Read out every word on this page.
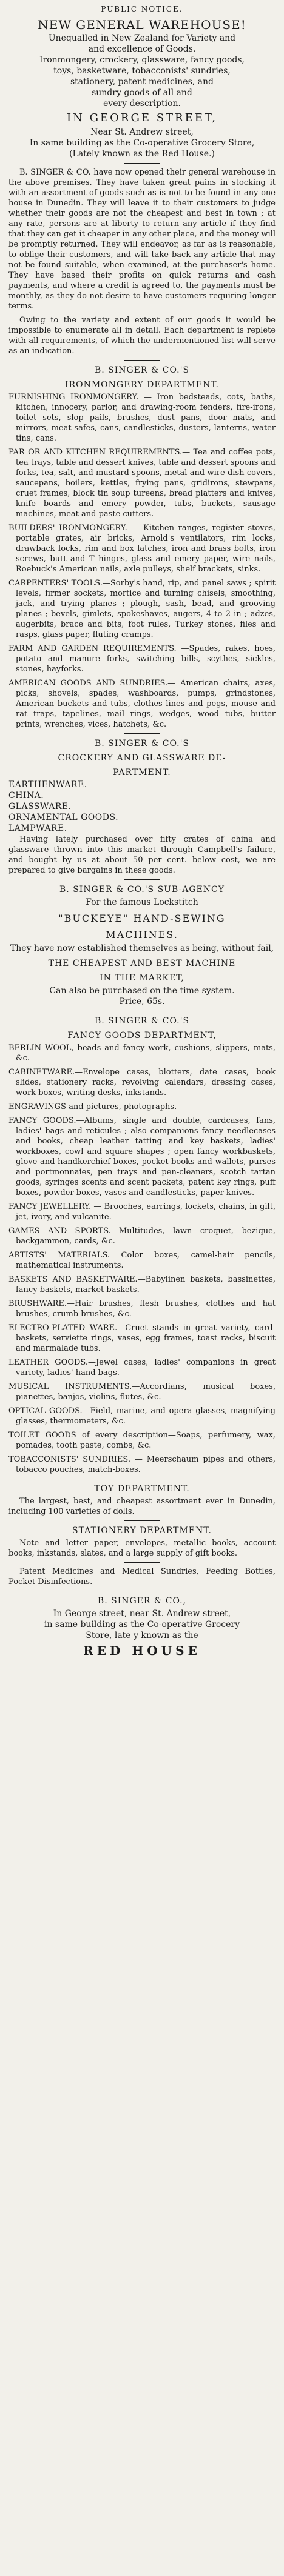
PUBLIC NOTICE.
NEW GENERAL WAREHOUSE!
Unequalled in New Zealand for Variety and
and excellence of Goods.
Ironmongery, crockery, glassware, fancy goods,
toys, basketware, tobacconists' sundries,
stationery, patent medicines, and
sundry goods of all and
every description.
IN GEORGE STREET,
Near St. Andrew street,
In same building as the Co-operative Grocery Store,
(Lately known as the Red House.)

B. SINGER & CO. have now opened their general warehouse in the above premises. They have taken great pains in stocking it with an assortment of goods such as is not to be found in any one house in Dunedin. They will leave it to their customers to judge whether their goods are not the cheapest and best in town ; at any rate, persons are at liberty to return any article if they find that they can get it cheaper in any other place, and the money will be promptly returned. They will endeavor, as far as is reasonable, to oblige their customers, and will take back any article that may not be found suitable, when examined, at the purchaser's home. They have based their profits on quick returns and cash payments, and where a credit is agreed to, the payments must be monthly, as they do not desire to have customers requiring longer terms.

Owing to the variety and extent of our goods it would be impossible to enumerate all in detail. Each department is replete with all requirements, of which the undermentioned list will serve as an indication.

B. SINGER & CO.'S
IRONMONGERY DEPARTMENT.

FURNISHING IRONMONGERY. — Iron bedsteads, cots, baths, kitchen, innocery, parlor, and drawing-room fenders, fire-irons, toilet sets, slop pails, brushes, dust pans, door mats, and mirrors, meat safes, cans, candlesticks, dusters, lanterns, water tins, cans.

PAR OR AND KITCHEN REQUIREMENTS.— Tea and coffee pots, tea trays, table and dessert knives, table and dessert spoons and forks, tea, salt, and mustard spoons, metal and wire dish covers, saucepans, boilers, kettles, frying pans, gridirons, stewpans, cruet frames, block tin soup tureens, bread platters and knives, knife boards and emery powder, tubs, buckets, sausage machines, meat and paste cutters.

BUILDERS' IRONMONGERY. — Kitchen ranges, register stoves, portable grates, air bricks, Arnold's ventilators, rim locks, drawback locks, rim and box latches, iron and brass bolts, iron screws, butt and T hinges, glass and emery paper, wire nails, Roebuck's American nails, axle pulleys, shelf brackets, sinks.

CARPENTERS' TOOLS.—Sorby's hand, rip, and panel saws ; spirit levels, firmer sockets, mortice and turning chisels, smoothing, jack, and trying planes ; plough, sash, bead, and grooving planes ; bevels, gimlets, spokeshaves, augers, 4 to 2 in ; adzes, augerbits, brace and bits, foot rules, Turkey stones, files and rasps, glass paper, fluting cramps.

FARM AND GARDEN REQUIREMENTS. —Spades, rakes, hoes, potato and manure forks, switching bills, scythes, sickles, stones, hayforks.

AMERICAN GOODS AND SUNDRIES.— American chairs, axes, picks, shovels, spades, washboards, pumps, grindstones, American buckets and tubs, clothes lines and pegs, mouse and rat traps, tapelines, mail rings, wedges, wood tubs, butter prints, wrenches, vices, hatchets, &c.

B. SINGER & CO.'S
CROCKERY AND GLASSWARE DE-
PARTMENT.
EARTHENWARE.
CHINA.
GLASSWARE.
ORNAMENTAL GOODS.
LAMPWARE.

Having lately purchased over fifty crates of china and glassware thrown into this market through Campbell's failure, and bought by us at about 50 per cent. below cost, we are prepared to give bargains in these goods.

B. SINGER & CO.'S SUB-AGENCY
For the famous Lockstitch
"BUCKEYE" HAND-SEWING
MACHINES.
They have now established themselves as being, without fail,
THE CHEAPEST AND BEST MACHINE
IN THE MARKET,
Can also be purchased on the time system.
Price, 65s.
B. SINGER & CO.'S
FANCY GOODS DEPARTMENT,

BERLIN WOOL, beads and fancy work, cushions, slippers, mats, &c.

CABINETWARE.—Envelope cases, blotters, date cases, book slides, stationery racks, revolving calendars, dressing cases, work-boxes, writing desks, inkstands.

ENGRAVINGS and pictures, photographs.

FANCY GOODS.—Albums, single and double, cardcases, fans, ladies' bags and reticules ; also companions fancy needlecases and books, cheap leather tatting and key baskets, ladies' workboxes, cowl and square shapes ; open fancy workbaskets, glove and handkerchief boxes, pocket-books and wallets, purses and portmonnaies, pen trays and pen-cleaners, scotch tartan goods, syringes scents and scent packets, patent key rings, puff boxes, powder boxes, vases and candlesticks, paper knives.

FANCY JEWELLERY. — Brooches, earrings, lockets, chains, in gilt, jet, ivory, and vulcanite.

GAMES AND SPORTS.—Multitudes, lawn croquet, bezique, backgammon, cards, &c.

ARTISTS' MATERIALS. Color boxes, camel-hair pencils, mathematical instruments.

BASKETS AND BASKETWARE.—Babylinen baskets, bassinettes, fancy baskets, market baskets.

BRUSHWARE.—Hair brushes, flesh brushes, clothes and hat brushes, crumb brushes, &c.

ELECTRO-PLATED WARE.—Cruet stands in great variety, card-baskets, serviette rings, vases, egg frames, toast racks, biscuit and marmalade tubs.

LEATHER GOODS.—Jewel cases, ladies' companions in great variety, ladies' hand bags.

MUSICAL INSTRUMENTS.—Accordians, musical boxes, pianettes, banjos, violins, flutes, &c.

OPTICAL GOODS.—Field, marine, and opera glasses, magnifying glasses, thermometers, &c.

TOILET GOODS of every description—Soaps, perfumery, wax, pomades, tooth paste, combs, &c.

TOBACCONISTS' SUNDRIES. — Meerschaum pipes and others, tobacco pouches, match-boxes.

TOY DEPARTMENT.

The largest, best, and cheapest assortment ever in Dunedin, including 100 varieties of dolls.

STATIONERY DEPARTMENT.

Note and letter paper, envelopes, metallic books, account books, inkstands, slates, and a large supply of gift books.

Patent Medicines and Medical Sundries, Feeding Bottles, Pocket Disinfections.

B. SINGER & CO.,
In George street, near St. Andrew street,
in same building as the Co-operative Grocery
Store, late y known as the
RED HOUSE
